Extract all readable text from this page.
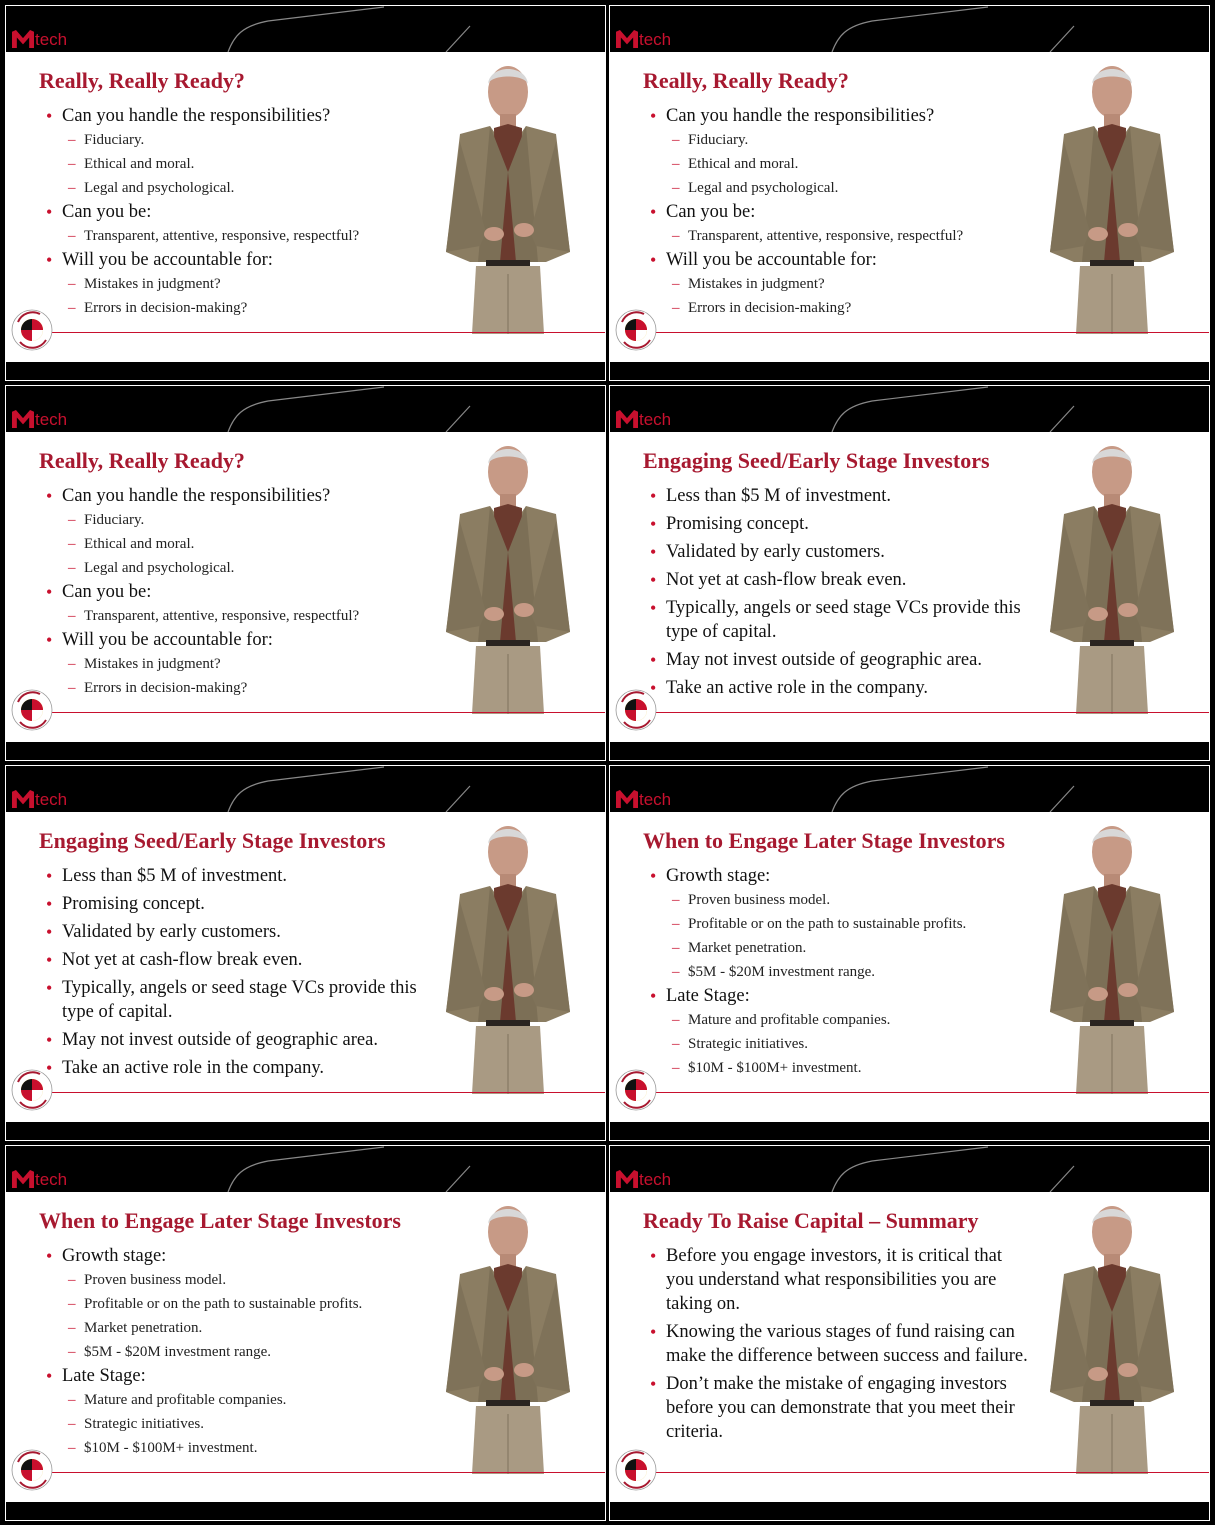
tech
Really, Really Ready?
• Can you handle the responsibilities?
– Fiduciary.
– Ethical and moral.
– Legal and psychological.
• Can you be:
– Transparent, attentive, responsive, respectful?
• Will you be accountable for:
– Mistakes in judgment?
– Errors in decision-making?
tech
Really, Really Ready?
• Can you handle the responsibilities?
– Fiduciary.
– Ethical and moral.
– Legal and psychological.
• Can you be:
– Transparent, attentive, responsive, respectful?
• Will you be accountable for:
– Mistakes in judgment?
– Errors in decision-making?
tech
Really, Really Ready?
• Can you handle the responsibilities?
– Fiduciary.
– Ethical and moral.
– Legal and psychological.
• Can you be:
– Transparent, attentive, responsive, respectful?
• Will you be accountable for:
– Mistakes in judgment?
– Errors in decision-making?
tech
Engaging Seed/Early Stage Investors
• Less than $5 M of investment.
• Promising concept.
• Validated by early customers.
• Not yet at cash-flow break even.
• Typically, angels or seed stage VCs provide this type of capital.
• May not invest outside of geographic area.
• Take an active role in the company.
tech
Engaging Seed/Early Stage Investors
• Less than $5 M of investment.
• Promising concept.
• Validated by early customers.
• Not yet at cash-flow break even.
• Typically, angels or seed stage VCs provide this type of capital.
• May not invest outside of geographic area.
• Take an active role in the company.
tech
When to Engage Later Stage Investors
• Growth stage:
– Proven business model.
– Profitable or on the path to sustainable profits.
– Market penetration.
– $5M - $20M investment range.
• Late Stage:
– Mature and profitable companies.
– Strategic initiatives.
– $10M - $100M+ investment.
tech
When to Engage Later Stage Investors
• Growth stage:
– Proven business model.
– Profitable or on the path to sustainable profits.
– Market penetration.
– $5M - $20M investment range.
• Late Stage:
– Mature and profitable companies.
– Strategic initiatives.
– $10M - $100M+ investment.
tech
Ready To Raise Capital – Summary
• Before you engage investors, it is critical that you understand what responsibilities you are taking on.
• Knowing the various stages of fund raising can make the difference between success and failure.
• Don’t make the mistake of engaging investors before you can demonstrate that you meet their criteria.
